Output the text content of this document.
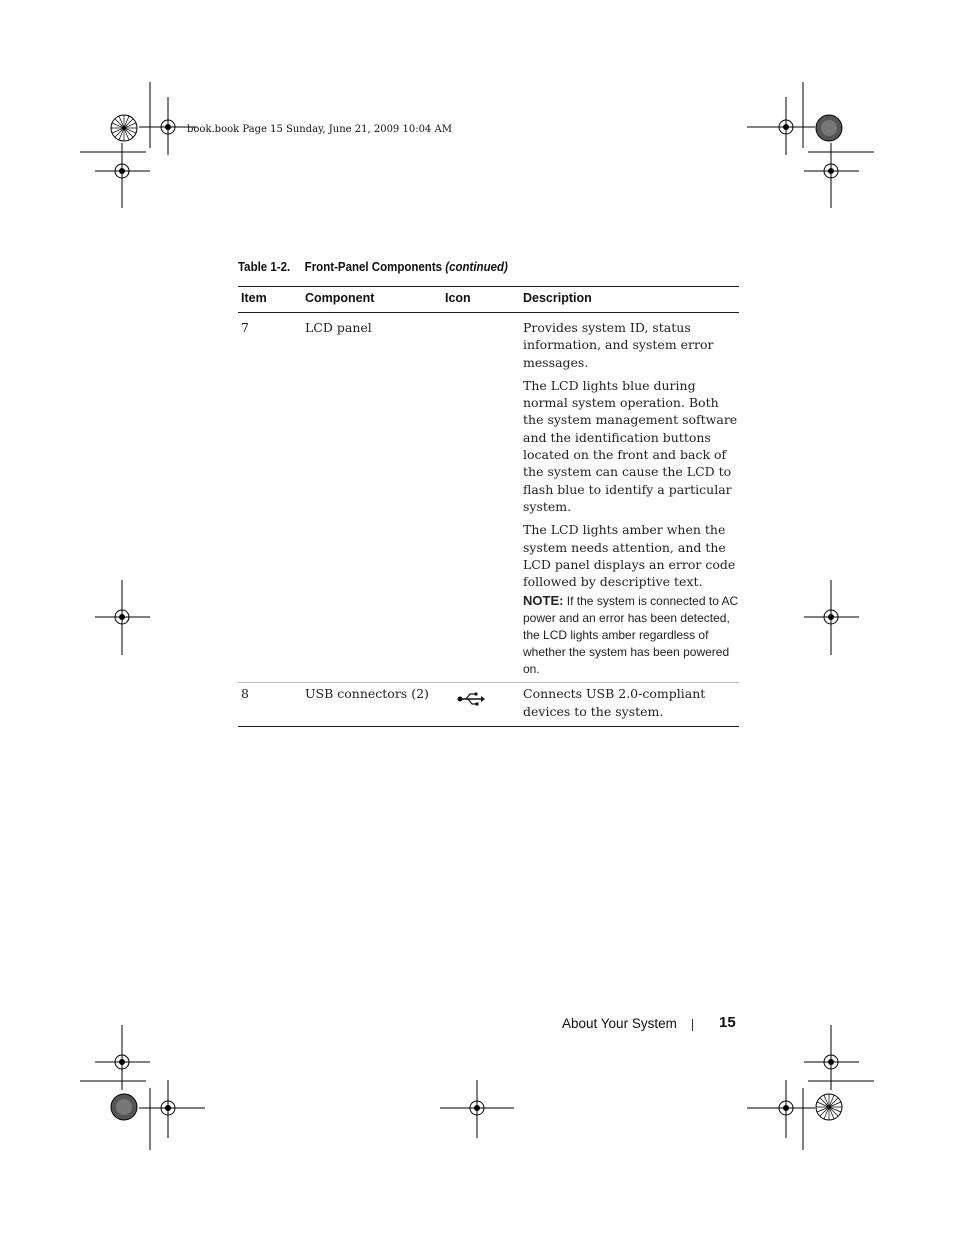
book.book Page 15 Sunday, June 21, 2009 10:04 AM
Table 1-2. Front-Panel Components (continued)
Item	Component	Icon	Description
7	LCD panel		Provides system ID, status information, and system error messages.

The LCD lights blue during normal system operation. Both the system management software and the identification buttons located on the front and back of the system can cause the LCD to flash blue to identify a particular system.

The LCD lights amber when the system needs attention, and the LCD panel displays an error code followed by descriptive text.

NOTE: If the system is connected to AC power and an error has been detected, the LCD lights amber regardless of whether the system has been powered on.

8	USB connectors (2)		Connects USB 2.0-compliant devices to the system.

About Your System	15
